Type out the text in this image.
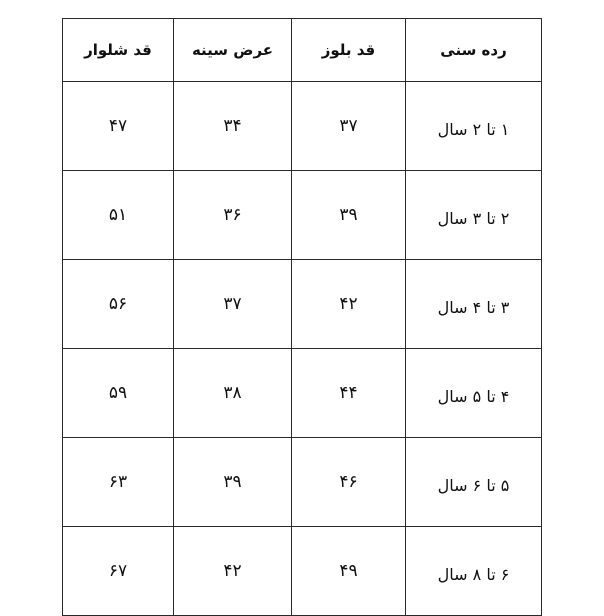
رده سنی	قد بلوز	عرض سینه	قد شلوار
۱ تا ۲ سال	۳۷	۳۴	۴۷
۲ تا ۳ سال	۳۹	۳۶	۵۱
۳ تا ۴ سال	۴۲	۳۷	۵۶
۴ تا ۵ سال	۴۴	۳۸	۵۹
۵ تا ۶ سال	۴۶	۳۹	۶۳
۶ تا ۸ سال	۴۹	۴۲	۶۷
